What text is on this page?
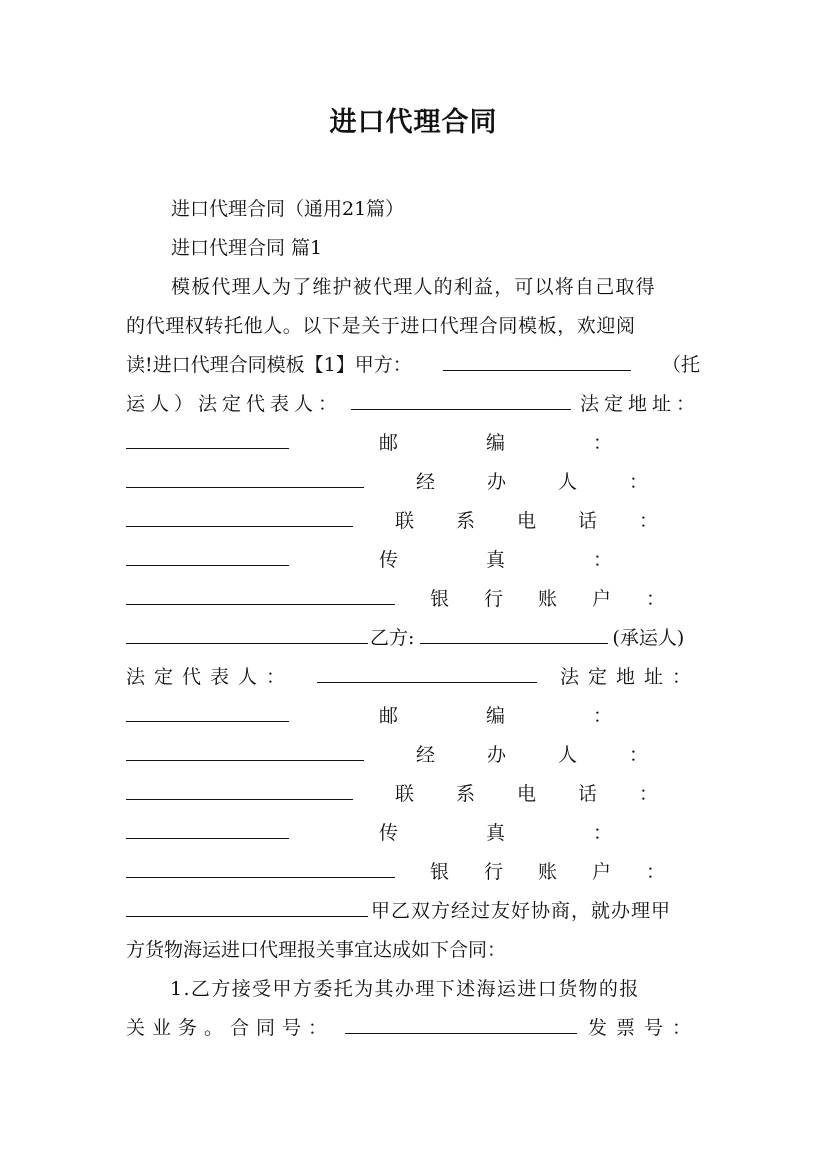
进口代理合同
进口代理合同（通用21篇）
进口代理合同 篇1
模板代理人为了维护被代理人的利益，可以将自己取得
的代理权转托他人。以下是关于进口代理合同模板，欢迎阅
读!进口代理合同模板【1】甲方：	（托
运人）法定代表人：	法定地址：
邮编：
经办人：
联系电话：
传真：
银行账户：
乙方:	(承运人)
法定代表人：	法定地址：
邮编：
经办人：
联系电话：
传真：
银行账户：
甲乙双方经过友好协商，就办理甲
方货物海运进口代理报关事宜达成如下合同：
1.乙方接受甲方委托为其办理下述海运进口货物的报
关业务。合同号：	发票号：
